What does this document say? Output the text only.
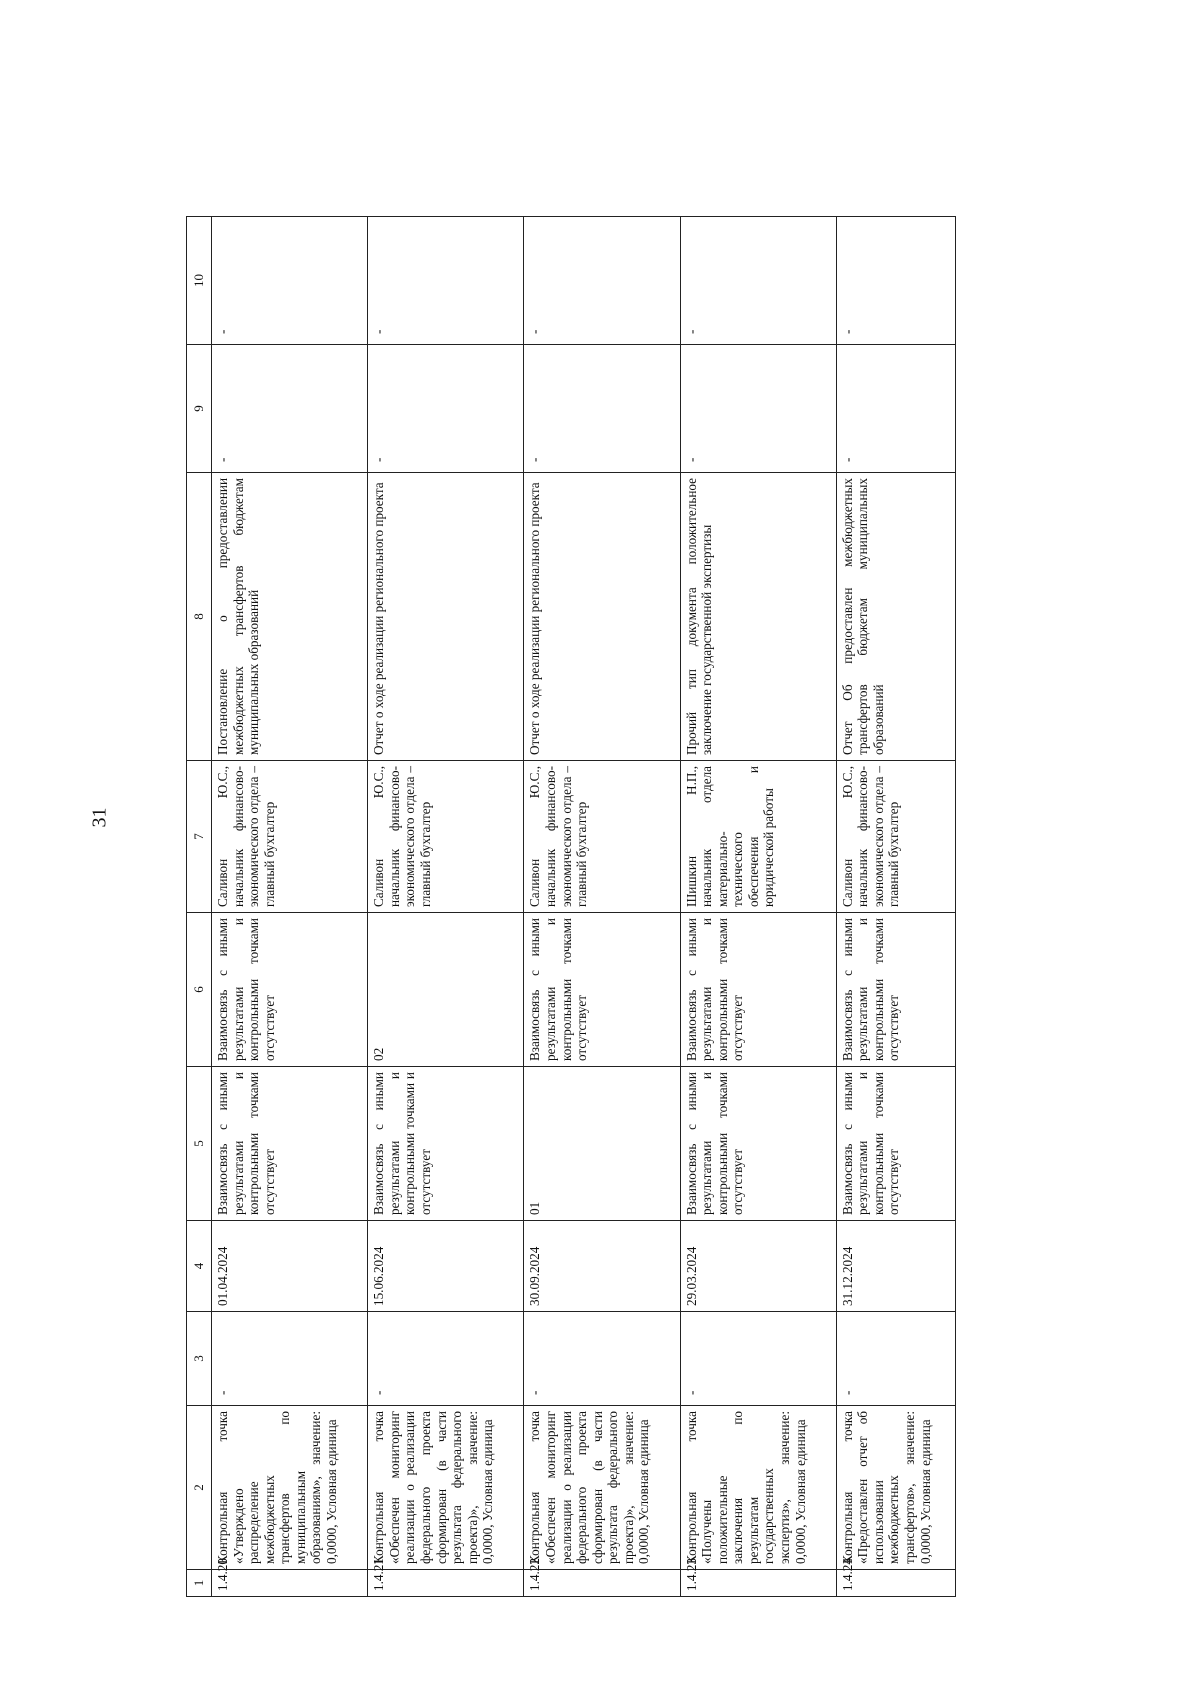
31
1	2	3	4	5	6	7	8	9	10
1.4.20	Контрольная точка «Утверждено распределение межбюджетных трансфертов по муниципальным образованиям», значение: 0,0000, Условная единица	-	01.04.2024	Взаимосвязь с иными результатами и контрольными точками отсутствует	Взаимосвязь с иными результатами и контрольными точками отсутствует	Саливон Ю.С., начальник финансово-экономического отдела – главный бухгалтер	Постановление о предоставлении межбюджетных трансфертов бюджетам муниципальных образований	-	-
1.4.21	Контрольная точка «Обеспечен мониторинг реализации о реализации федерального проекта сформирован (в части результата федерального проекта)», значение: 0,0000, Условная единица	-	15.06.2024	Взаимосвязь с иными результатами и контрольными точками и отсутствует	02	Саливон Ю.С., начальник финансово-экономического отдела – главный бухгалтер	Отчет о ходе реализации регионального проекта	-	-
1.4.22	Контрольная точка «Обеспечен мониторинг реализации о реализации федерального проекта сформирован (в части результата федерального проекта)», значение: 0,0000, Условная единица	-	30.09.2024	01	Взаимосвязь с иными результатами и контрольными точками отсутствует	Саливон Ю.С., начальник финансово-экономического отдела – главный бухгалтер	Отчет о ходе реализации регионального проекта	-	-
1.4.23	Контрольная точка «Получены положительные заключения по результатам государственных экспертиз», значение: 0,0000, Условная единица	-	29.03.2024	Взаимосвязь с иными результатами и контрольными точками отсутствует	Взаимосвязь с иными результатами и контрольными точками отсутствует	Шишкин Н.П., начальник отдела материально-технического обеспечения и юридической работы	Прочий тип документа положительное заключение государственной экспертизы	-	-
1.4.24	Контрольная точка «Предоставлен отчет об использовании межбюджетных трансфертов», значение: 0,0000, Условная единица	-	31.12.2024	Взаимосвязь с иными результатами и контрольными точками отсутствует	Взаимосвязь с иными результатами и контрольными точками отсутствует	Саливон Ю.С., начальник финансово-экономического отдела – главный бухгалтер	Отчет Об предоставлен межбюджетных трансфертов бюджетам муниципальных образований	-	-
